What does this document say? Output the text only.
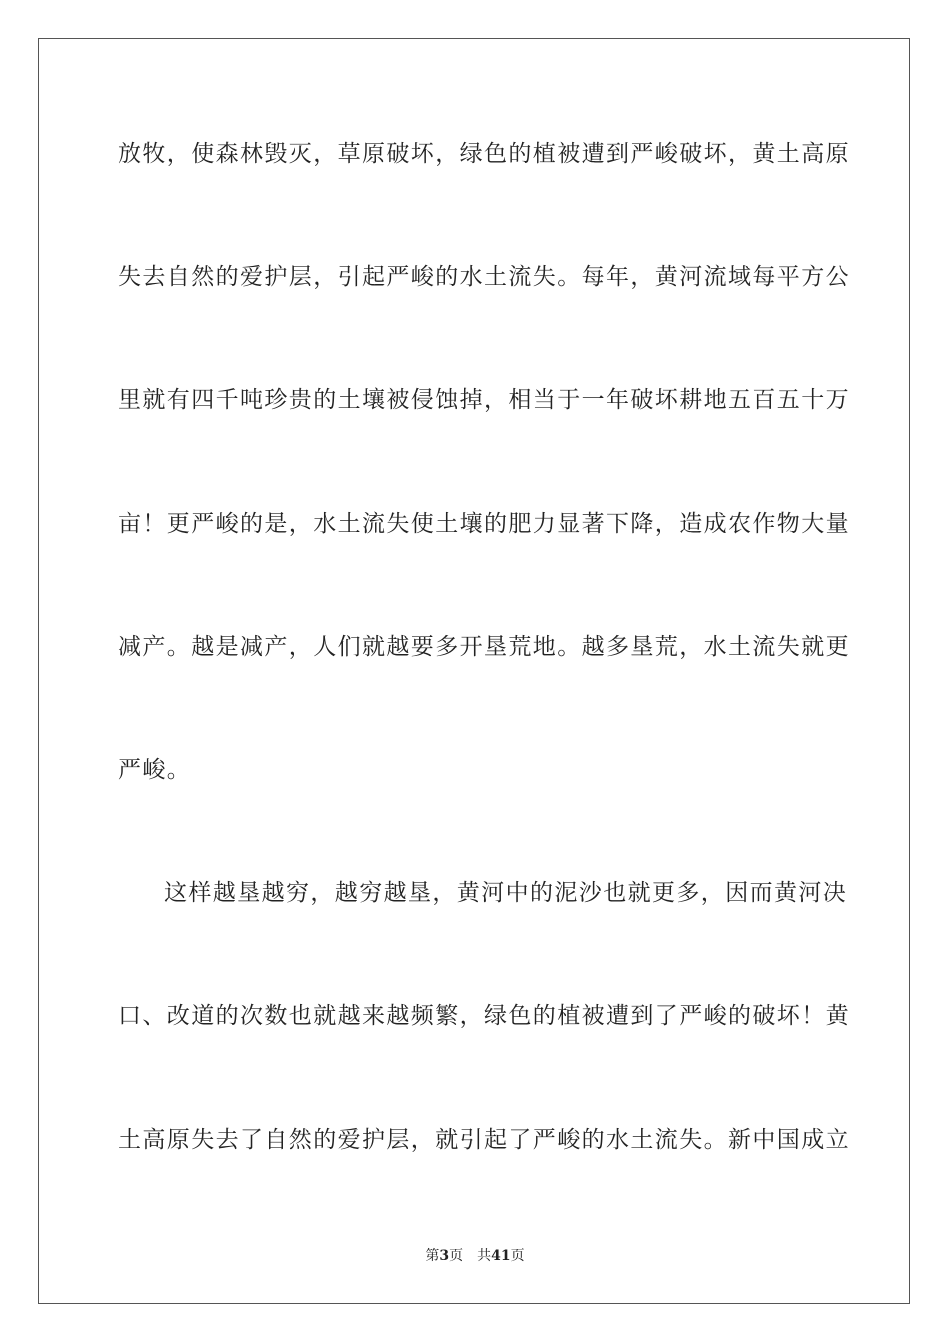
放牧，使森林毁灭，草原破坏，绿色的植被遭到严峻破坏，黄土高原
失去自然的爱护层，引起严峻的水土流失。每年，黄河流域每平方公
里就有四千吨珍贵的土壤被侵蚀掉，相当于一年破坏耕地五百五十万
亩！更严峻的是，水土流失使土壤的肥力显著下降，造成农作物大量
减产。越是减产，人们就越要多开垦荒地。越多垦荒，水土流失就更
严峻。
这样越垦越穷，越穷越垦，黄河中的泥沙也就更多，因而黄河决
口、改道的次数也就越来越频繁，绿色的植被遭到了严峻的破坏！黄
土高原失去了自然的爱护层，就引起了严峻的水土流失。新中国成立
第3页 共41页
